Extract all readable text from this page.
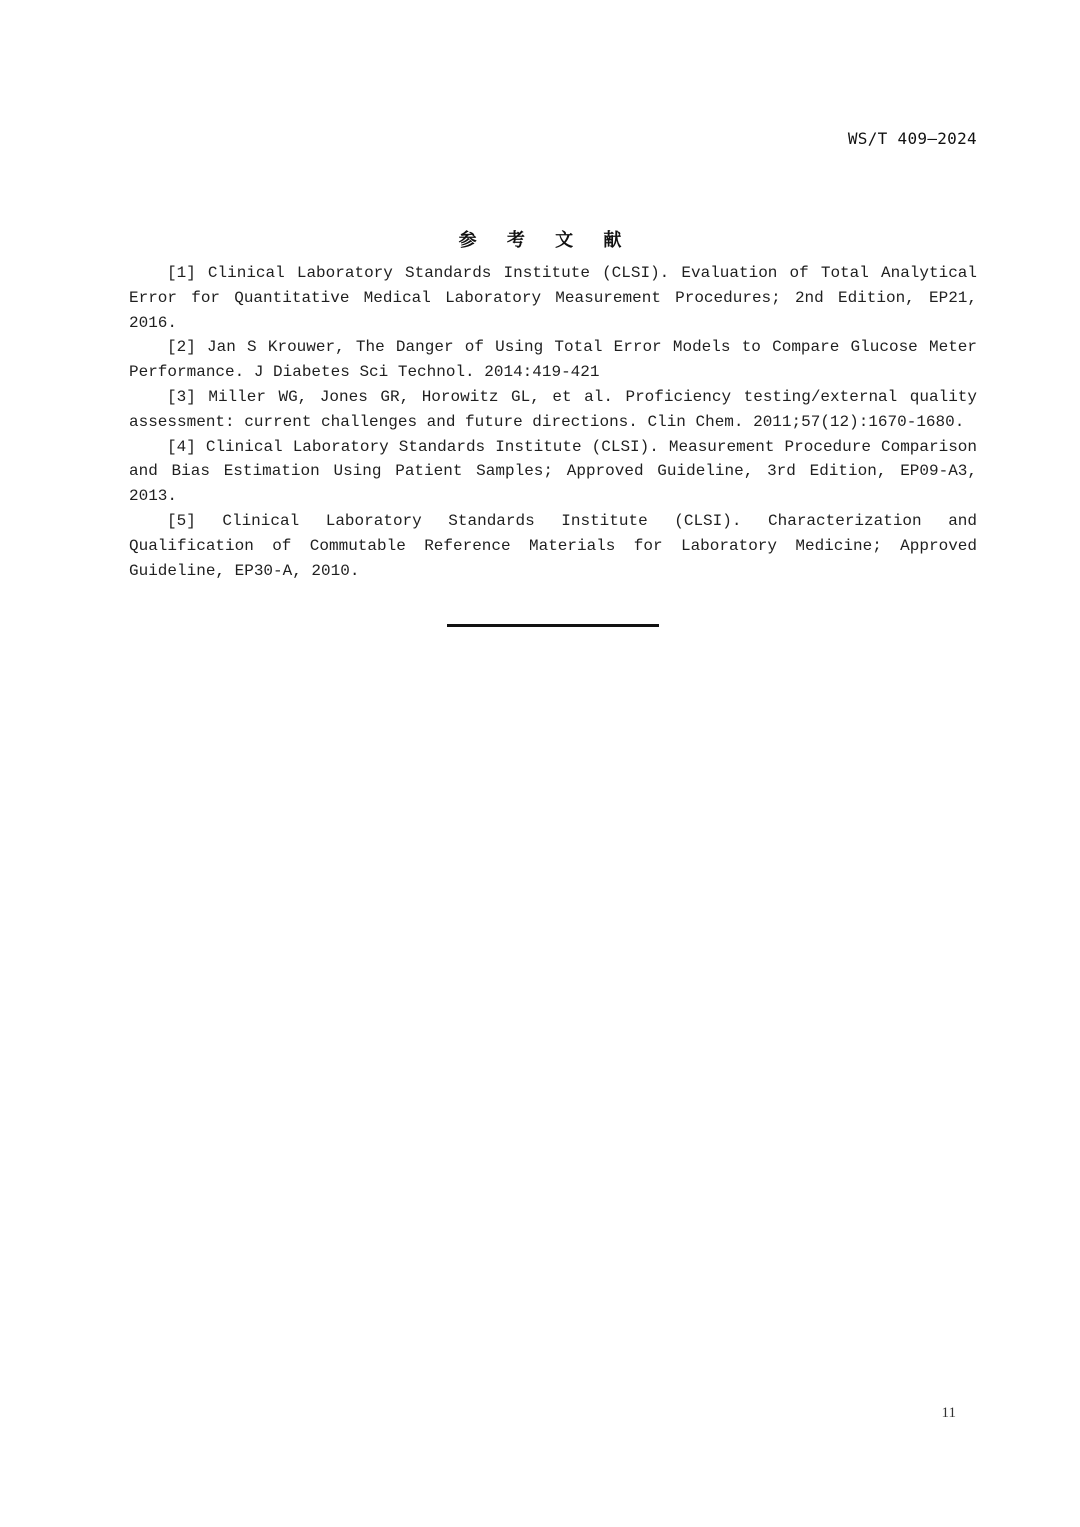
WS/T 409—2024
参 考 文 献
[1] Clinical Laboratory Standards Institute (CLSI). Evaluation of Total Analytical Error for Quantitative Medical Laboratory Measurement Procedures; 2nd Edition, EP21, 2016.
[2] Jan S Krouwer, The Danger of Using Total Error Models to Compare Glucose Meter Performance. J Diabetes Sci Technol. 2014:419-421
[3] Miller WG, Jones GR, Horowitz GL, et al. Proficiency testing/external quality assessment: current challenges and future directions. Clin Chem. 2011;57(12):1670-1680.
[4] Clinical Laboratory Standards Institute (CLSI). Measurement Procedure Comparison and Bias Estimation Using Patient Samples; Approved Guideline, 3rd Edition, EP09-A3, 2013.
[5] Clinical Laboratory Standards Institute (CLSI). Characterization and Qualification of Commutable Reference Materials for Laboratory Medicine; Approved Guideline, EP30-A, 2010.
11
